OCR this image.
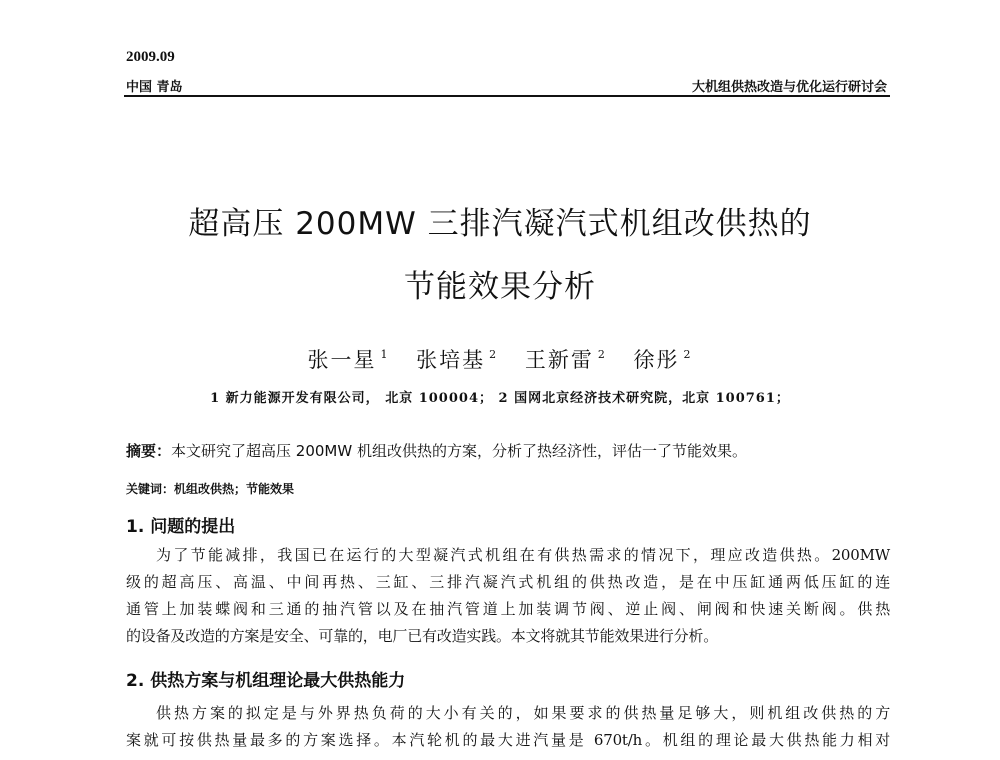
2009.09
中国 青岛	大机组供热改造与优化运行研讨会
超高压 200MW 三排汽凝汽式机组改供热的
节能效果分析
张一星 $^1$ 张培基 $^2$ 王新雷 $^2$ 徐彤 $^2$
1 新力能源开发有限公司， 北京 100004； 2 国网北京经济技术研究院，北京 100761；
摘要：本文研究了超高压 200MW 机组改供热的方案，分析了热经济性，评估一了节能效果。
关键词：机组改供热；节能效果
1. 问题的提出
为了节能减排，我国已在运行的大型凝汽式机组在有供热需求的情况下，理应改造供热。200MW
级的超高压、高温、中间再热、三缸、三排汽凝汽式机组的供热改造，是在中压缸通两低压缸的连
通管上加装蝶阀和三通的抽汽管以及在抽汽管道上加装调节阀、逆止阀、闸阀和快速关断阀。供热
的设备及改造的方案是安全、可靠的，电厂已有改造实践。本文将就其节能效果进行分析。
2. 供热方案与机组理论最大供热能力
供热方案的拟定是与外界热负荷的大小有关的，如果要求的供热量足够大，则机组改供热的方
案就可按供热量最多的方案选择。本汽轮机的最大进汽量是 670t/h。机组的理论最大供热能力相对
